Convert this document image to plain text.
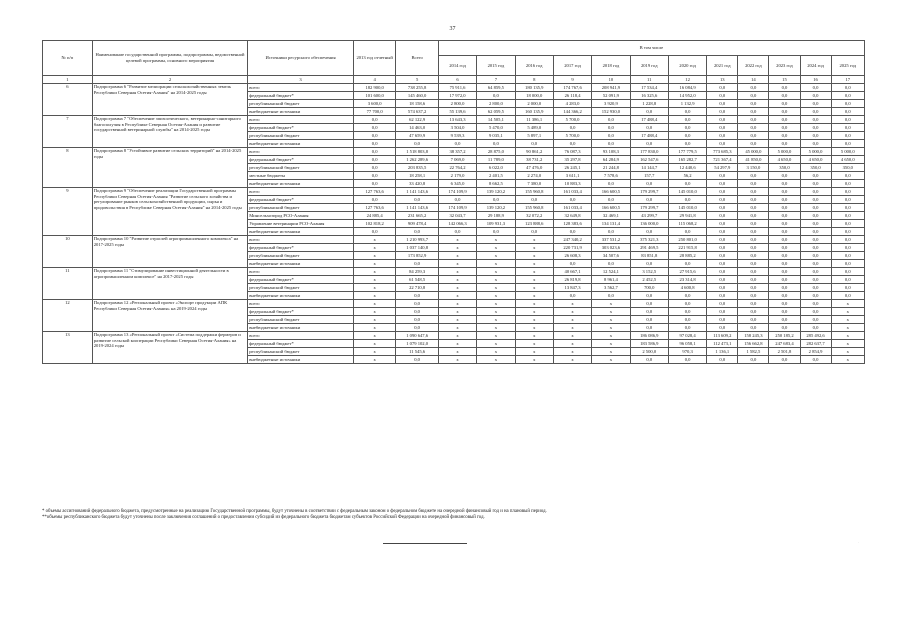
37
№ п/п	Наименование государственной программы, подпрограммы, ведомственной целевой программы, основного мероприятия	Источники ресурсного обеспечения	2013 год отчетный	Всего	В том числе											
					2014 год	2015 год	2016 год	2017 год	2018 год	2019 год	2020 год	2021 год	2022 год	2023 год	2024 год	2025 год
1	2	3	4	5	6	7	8	9	10	11	12	13	14	15	16	17
6	Подпрограмма 6 "Развитие мелиорации сельскохозяйственных земель Республики Северная Осетия-Алания" на 2014-2025 годы	всего	182 900,0	738 255,8	75 911,6	64 859,5	180 135,9	174 767,6	208 941,9	17 534,4	16 084,9	0,0	0,0	0,0	0,0	0,0
		федеральный бюджет*	101 600,0	145 460,0	17 972,0	0,0	18 000,0	26 118,4	52 091,9	16 325,6	14 952,0	0,0	0,0	0,0	0,0	0,0
		республиканский бюджет	3 600,0	18 158,6	2 800,0	2 800,0	2 000,0	4 283,0	3 920,9	1 228,8	1 132,9	0,0	0,0	0,0	0,0	0,0
		внебюджетные источники	77 700,0	574 637,2	55 139,6	62 059,5	160 135,9	144 366,2	152 930,0	0,0	0,0	0,0	0,0	0,0	0,0	0,0
7	Подпрограмма 7 "Обеспечение эпизоотического, ветеринарно-санитарного благополучия в Республике Северная Осетия-Алания и развитие государственной ветеринарной службы" на 2014-2025 годы	всего	0,0	62 122,9	13 643,3	14 505,1	11 386,1	5 700,0	0,0	17 488,4	0,0	0,0	0,0	0,0	0,0	0,0
		федеральный бюджет*	0,0	14 463,0	3 504,0	5 470,0	5 489,0	0,0	0,0	0,0	0,0	0,0	0,0	0,0	0,0	0,0
		республиканский бюджет	0,0	47 659,9	9 539,3	9 035,1	5 897,1	5 700,0	0,0	17 488,4	0,0	0,0	0,0	0,0	0,0	0,0
		внебюджетные источники	0,0	0,0	0,0	0,0	0,0	0,0	0,0	0,0	0,0	0,0	0,0	0,0	0,0	0,0
8	Подпрограмма 8 "Устойчивое развитие сельских территорий" на 2014-2025 годы	всего	0,0	1 518 803,8	38 357,2	28 875,0	90 861,2	76 087,3	93 108,3	177 830,0	177 779,5	773 685,3	45 000,0	5 000,0	5 000,0	5 000,0
		федеральный бюджет*	0,0	1 262 289,6	7 069,0	11 789,0	38 731,2	35 297,8	64 284,9	162 547,6	165 282,7	721 367,4	41 850,0	4 650,0	4 650,0	4 650,0
		республиканский бюджет	0,0	203 835,5	22 764,2	6 022,0	47 476,0	26 245,1	21 244,8	14 144,7	12 440,6	54 297,9	3 150,0	350,0	350,0	350,0
		местные бюджеты	0,0	18 258,1	2 179,0	2 401,5	2 274,0	3 611,1	7 578,6	157,7	56,2	0,0	0,0	0,0	0,0	0,0
		внебюджетные источники	0,0	33 420,8	6 345,0	8 662,5	7 380,0	10 883,3	0,0	0,0	0,0	0,0	0,0	0,0	0,0	0,0
9	Подпрограмма 9 "Обеспечение реализации Государственной программы Республики Северная Осетия-Алания "Развитие сельского хозяйства и регулирование рынков сельскохозяйственной продукции, сырья и продовольствия в Республике Северная Осетия-Алания" на 2014-2025 годы	всего	127 763,6	1 141 143,6	174 109,9	139 120,2	155 960,8	161 033,4	166 600,5	179 299,7	145 010,0	0,0	0,0	0,0	0,0	0,0
		федеральный бюджет*	0,0	0,0	0,0	0,0	0,0	0,0	0,0	0,0	0,0	0,0	0,0	0,0	0,0	0,0
		республиканский бюджет	127 763,6	1 141 143,6	174 109,9	139 120,2	155 960,8	161 033,4	166 600,5	179 299,7	145 010,0	0,0	0,0	0,0	0,0	0,0
		Минсельхозпрод РСО-Алания	24 885,4	231 665,2	32 043,7	29 188,9	32 072,2	32 649,8	32 469,1	43 299,7	29 941,8	0,0	0,0	0,0	0,0	0,0
		Управление ветеринарии РСО-Алания	102 818,2	909 478,4	142 066,3	109 931,3	123 888,6	128 383,6	134 131,4	136 000,0	115 068,2	0,0	0,0	0,0	0,0	0,0
		внебюджетные источники	0,0	0,0	0,0	0,0	0,0	0,0	0,0	0,0	0,0	0,0	0,0	0,0	0,0	0,0
10	Подпрограмма 10 "Развитие отраслей агропромышленного комплекса" на 2017-2025 годы	всего	x	1 210 993,7	x	x	x	247 340,2	337 531,2	375 321,3	250 801,0	0,0	0,0	0,0	0,0	0,0
		федеральный бюджет*	x	1 037 140,8	x	x	x	220 731,9	303 023,6	291 469,5	221 915,8	0,0	0,0	0,0	0,0	0,0
		республиканский бюджет	x	173 852,9	x	x	x	26 608,3	34 507,6	83 851,8	28 885,2	0,0	0,0	0,0	0,0	0,0
		внебюджетные источники	x	0,0	x	x	x	0,0	0,0	0,0	0,0	0,0	0,0	0,0	0,0	0,0
11	Подпрограмма 11 "Стимулирование инвестиционной деятельности в агропромышленном комплексе" на 2017-2025 годы	всего	x	84 259,3	x	x	x	40 667,1	12 524,1	3 152,5	27 915,6	0,0	0,0	0,0	0,0	0,0
		федеральный бюджет*	x	61 548,5	x	x	x	26 819,8	8 961,4	2 452,5	23 314,8	0,0	0,0	0,0	0,0	0,0
		республиканский бюджет	x	22 710,8	x	x	x	13 847,3	3 562,7	700,0	4 600,8	0,0	0,0	0,0	0,0	0,0
		внебюджетные источники	x	0,0	x	x	x	0,0	0,0	0,0	0,0	0,0	0,0	0,0	0,0	0,0
12	Подпрограмма 12 «Региональный проект «Экспорт продукции АПК Республики Северная Осетия-Алания» на 2019-2024 годы	всего	x	0,0	x	x	x	x	x	0,0	0,0	0,0	0,0	0,0	0,0	x
		федеральный бюджет*	x	0,0	x	x	x	x	x	0,0	0,0	0,0	0,0	0,0	0,0	x
		республиканский бюджет	x	0,0	x	x	x	x	x	0,0	0,0	0,0	0,0	0,0	0,0	x
		внебюджетные источники	x	0,0	x	x	x	x	x	0,0	0,0	0,0	0,0	0,0	0,0	x
13	Подпрограмма 13 «Региональный проект «Система поддержки фермеров и развитие сельской кооперации Республики Северная Осетия-Алания» на 2019-2024 годы	всего	x	1 090 647,6	x	x	x	x	x	186 086,9	97 028,4	113 609,2	158 245,3	250 185,2	285 492,6	x
		федеральный бюджет*	x	1 079 102,0	x	x	x	x	x	183 586,9	96 058,1	112 473,1	156 662,8	247 683,4	282 637,7	x
		республиканский бюджет	x	11 545,6	x	x	x	x	x	2 500,0	970,3	1 136,1	1 582,5	2 501,8	2 854,9	x
		внебюджетные источники	x	0,0	x	x	x	x	x	0,0	0,0	0,0	0,0	0,0	0,0	x
* объемы ассигнований федерального бюджета, предусмотренные на реализацию Государственной программы, будут уточнены в соответствии с федеральным законом о федеральном бюджете на очередной финансовый год и на плановый период.
**объемы республиканского бюджета будут уточнены после заключения соглашений о предоставлении субсидий из федерального бюджета бюджетам субъектов Российской Федерации на очередной финансовый год.
·
